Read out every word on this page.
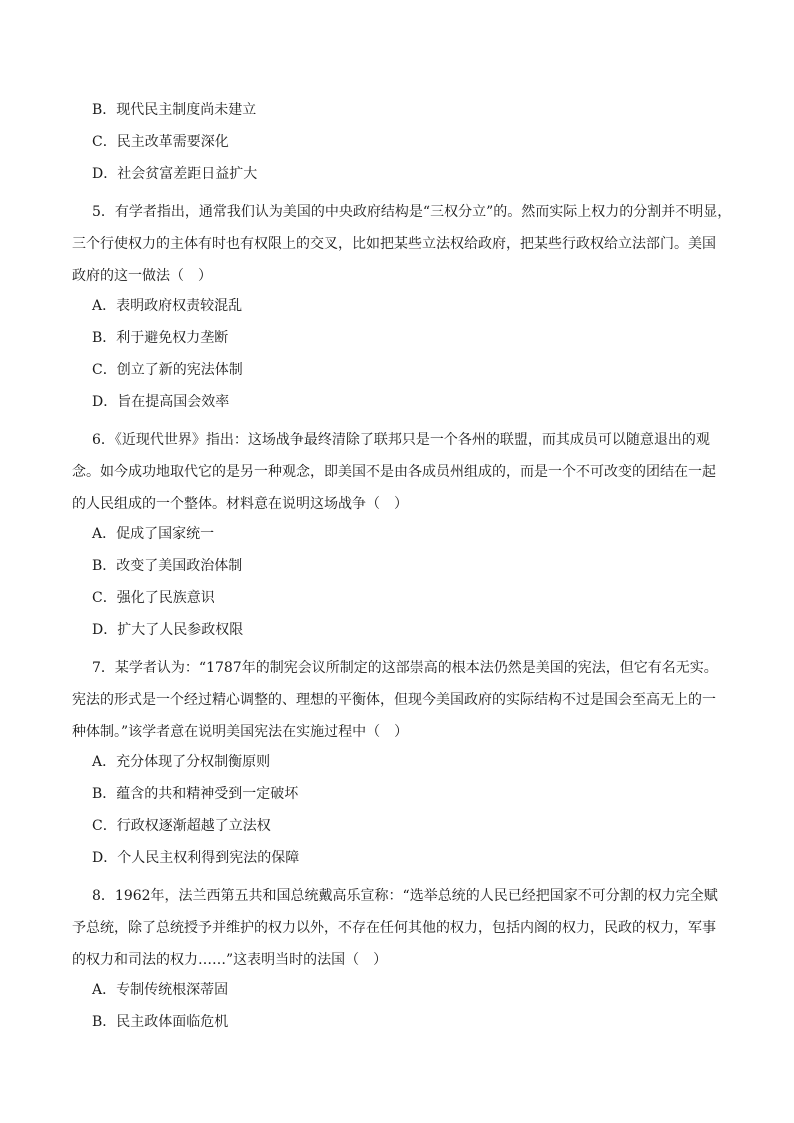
B．现代民主制度尚未建立
C．民主改革需要深化
D．社会贫富差距日益扩大
5．有学者指出，通常我们认为美国的中央政府结构是“三权分立”的。然而实际上权力的分割并不明显，
三个行使权力的主体有时也有权限上的交叉，比如把某些立法权给政府，把某些行政权给立法部门。美国
政府的这一做法（　）
A．表明政府权责较混乱
B．利于避免权力垄断
C．创立了新的宪法体制
D．旨在提高国会效率
6．《近现代世界》指出：这场战争最终清除了联邦只是一个各州的联盟，而其成员可以随意退出的观
念。如今成功地取代它的是另一种观念，即美国不是由各成员州组成的，而是一个不可改变的团结在一起
的人民组成的一个整体。材料意在说明这场战争（　）
A．促成了国家统一
B．改变了美国政治体制
C．强化了民族意识
D．扩大了人民参政权限
7．某学者认为：“1787年的制宪会议所制定的这部崇高的根本法仍然是美国的宪法，但它有名无实。
宪法的形式是一个经过精心调整的、理想的平衡体，但现今美国政府的实际结构不过是国会至高无上的一
种体制。”该学者意在说明美国宪法在实施过程中（　）
A．充分体现了分权制衡原则
B．蕴含的共和精神受到一定破坏
C．行政权逐渐超越了立法权
D．个人民主权利得到宪法的保障
8．1962年，法兰西第五共和国总统戴高乐宣称：“选举总统的人民已经把国家不可分割的权力完全赋
予总统，除了总统授予并维护的权力以外，不存在任何其他的权力，包括内阁的权力，民政的权力，军事
的权力和司法的权力……”这表明当时的法国（　）
A．专制传统根深蒂固
B．民主政体面临危机
